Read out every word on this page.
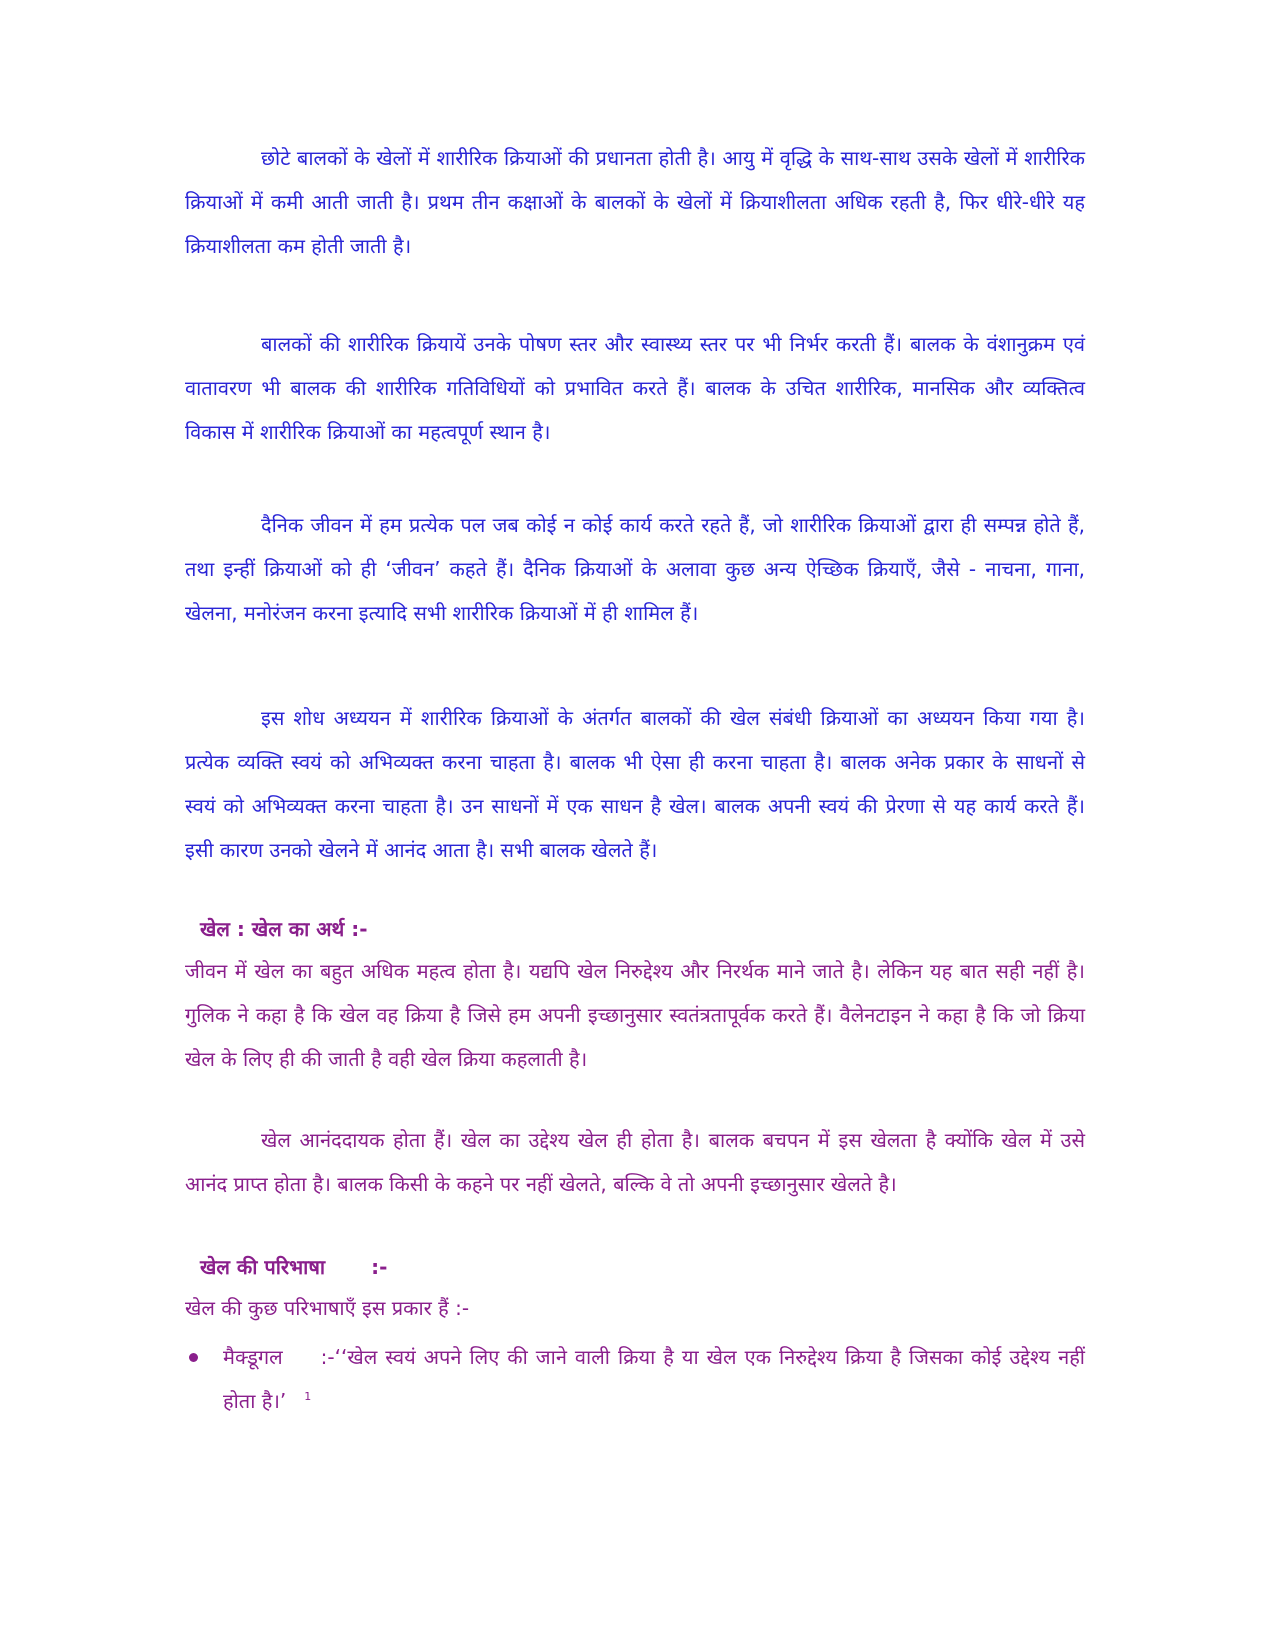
छोटे बालकों के खेलों में शारीरिक क्रियाओं की प्रधानता होती है। आयु में वृद्धि के साथ-साथ उसके खेलों में शारीरिक क्रियाओं में कमी आती जाती है। प्रथम तीन कक्षाओं के बालकों के खेलों में क्रियाशीलता अधिक रहती है, फिर धीरे-धीरे यह क्रियाशीलता कम होती जाती है।

बालकों की शारीरिक क्रियायें उनके पोषण स्तर और स्वास्थ्य स्तर पर भी निर्भर करती हैं। बालक के वंशानुक्रम एवं वातावरण भी बालक की शारीरिक गतिविधियों को प्रभावित करते हैं। बालक के उचित शारीरिक, मानसिक और व्यक्तित्व विकास में शारीरिक क्रियाओं का महत्वपूर्ण स्थान है।

दैनिक जीवन में हम प्रत्येक पल जब कोई न कोई कार्य करते रहते हैं, जो शारीरिक क्रियाओं द्वारा ही सम्पन्न होते हैं, तथा इन्हीं क्रियाओं को ही ‘जीवन’ कहते हैं। दैनिक क्रियाओं के अलावा कुछ अन्य ऐच्छिक क्रियाएँ, जैसे - नाचना, गाना, खेलना, मनोरंजन करना इत्यादि सभी शारीरिक क्रियाओं में ही शामिल हैं।

इस शोध अध्ययन में शारीरिक क्रियाओं के अंतर्गत बालकों की खेल संबंधी क्रियाओं का अध्ययन किया गया है। प्रत्येक व्यक्ति स्वयं को अभिव्यक्त करना चाहता है। बालक भी ऐसा ही करना चाहता है। बालक अनेक प्रकार के साधनों से स्वयं को अभिव्यक्त करना चाहता है। उन साधनों में एक साधन है खेल। बालक अपनी स्वयं की प्रेरणा से यह कार्य करते हैं। इसी कारण उनको खेलने में आनंद आता है। सभी बालक खेलते हैं।

खेल : खेल का अर्थ :-

जीवन में खेल का बहुत अधिक महत्व होता है। यद्यपि खेल निरुद्देश्य और निरर्थक माने जाते है। लेकिन यह बात सही नहीं है। गुलिक ने कहा है कि खेल वह क्रिया है जिसे हम अपनी इच्छानुसार स्वतंत्रतापूर्वक करते हैं। वैलेनटाइन ने कहा है कि जो क्रिया खेल के लिए ही की जाती है वही खेल क्रिया कहलाती है।

खेल आनंददायक होता हैं। खेल का उद्देश्य खेल ही होता है। बालक बचपन में इस खेलता है क्योंकि खेल में उसे आनंद प्राप्त होता है। बालक किसी के कहने पर नहीं खेलते, बल्कि वे तो अपनी इच्छानुसार खेलते है।

खेल की परिभाषा :-

खेल की कुछ परिभाषाएँ इस प्रकार हैं :-

मैक्डूगल :-‘‘खेल स्वयं अपने लिए की जाने वाली क्रिया है या खेल एक निरुद्देश्य क्रिया है जिसका कोई उद्देश्य नहीं होता है।’ $^1$
